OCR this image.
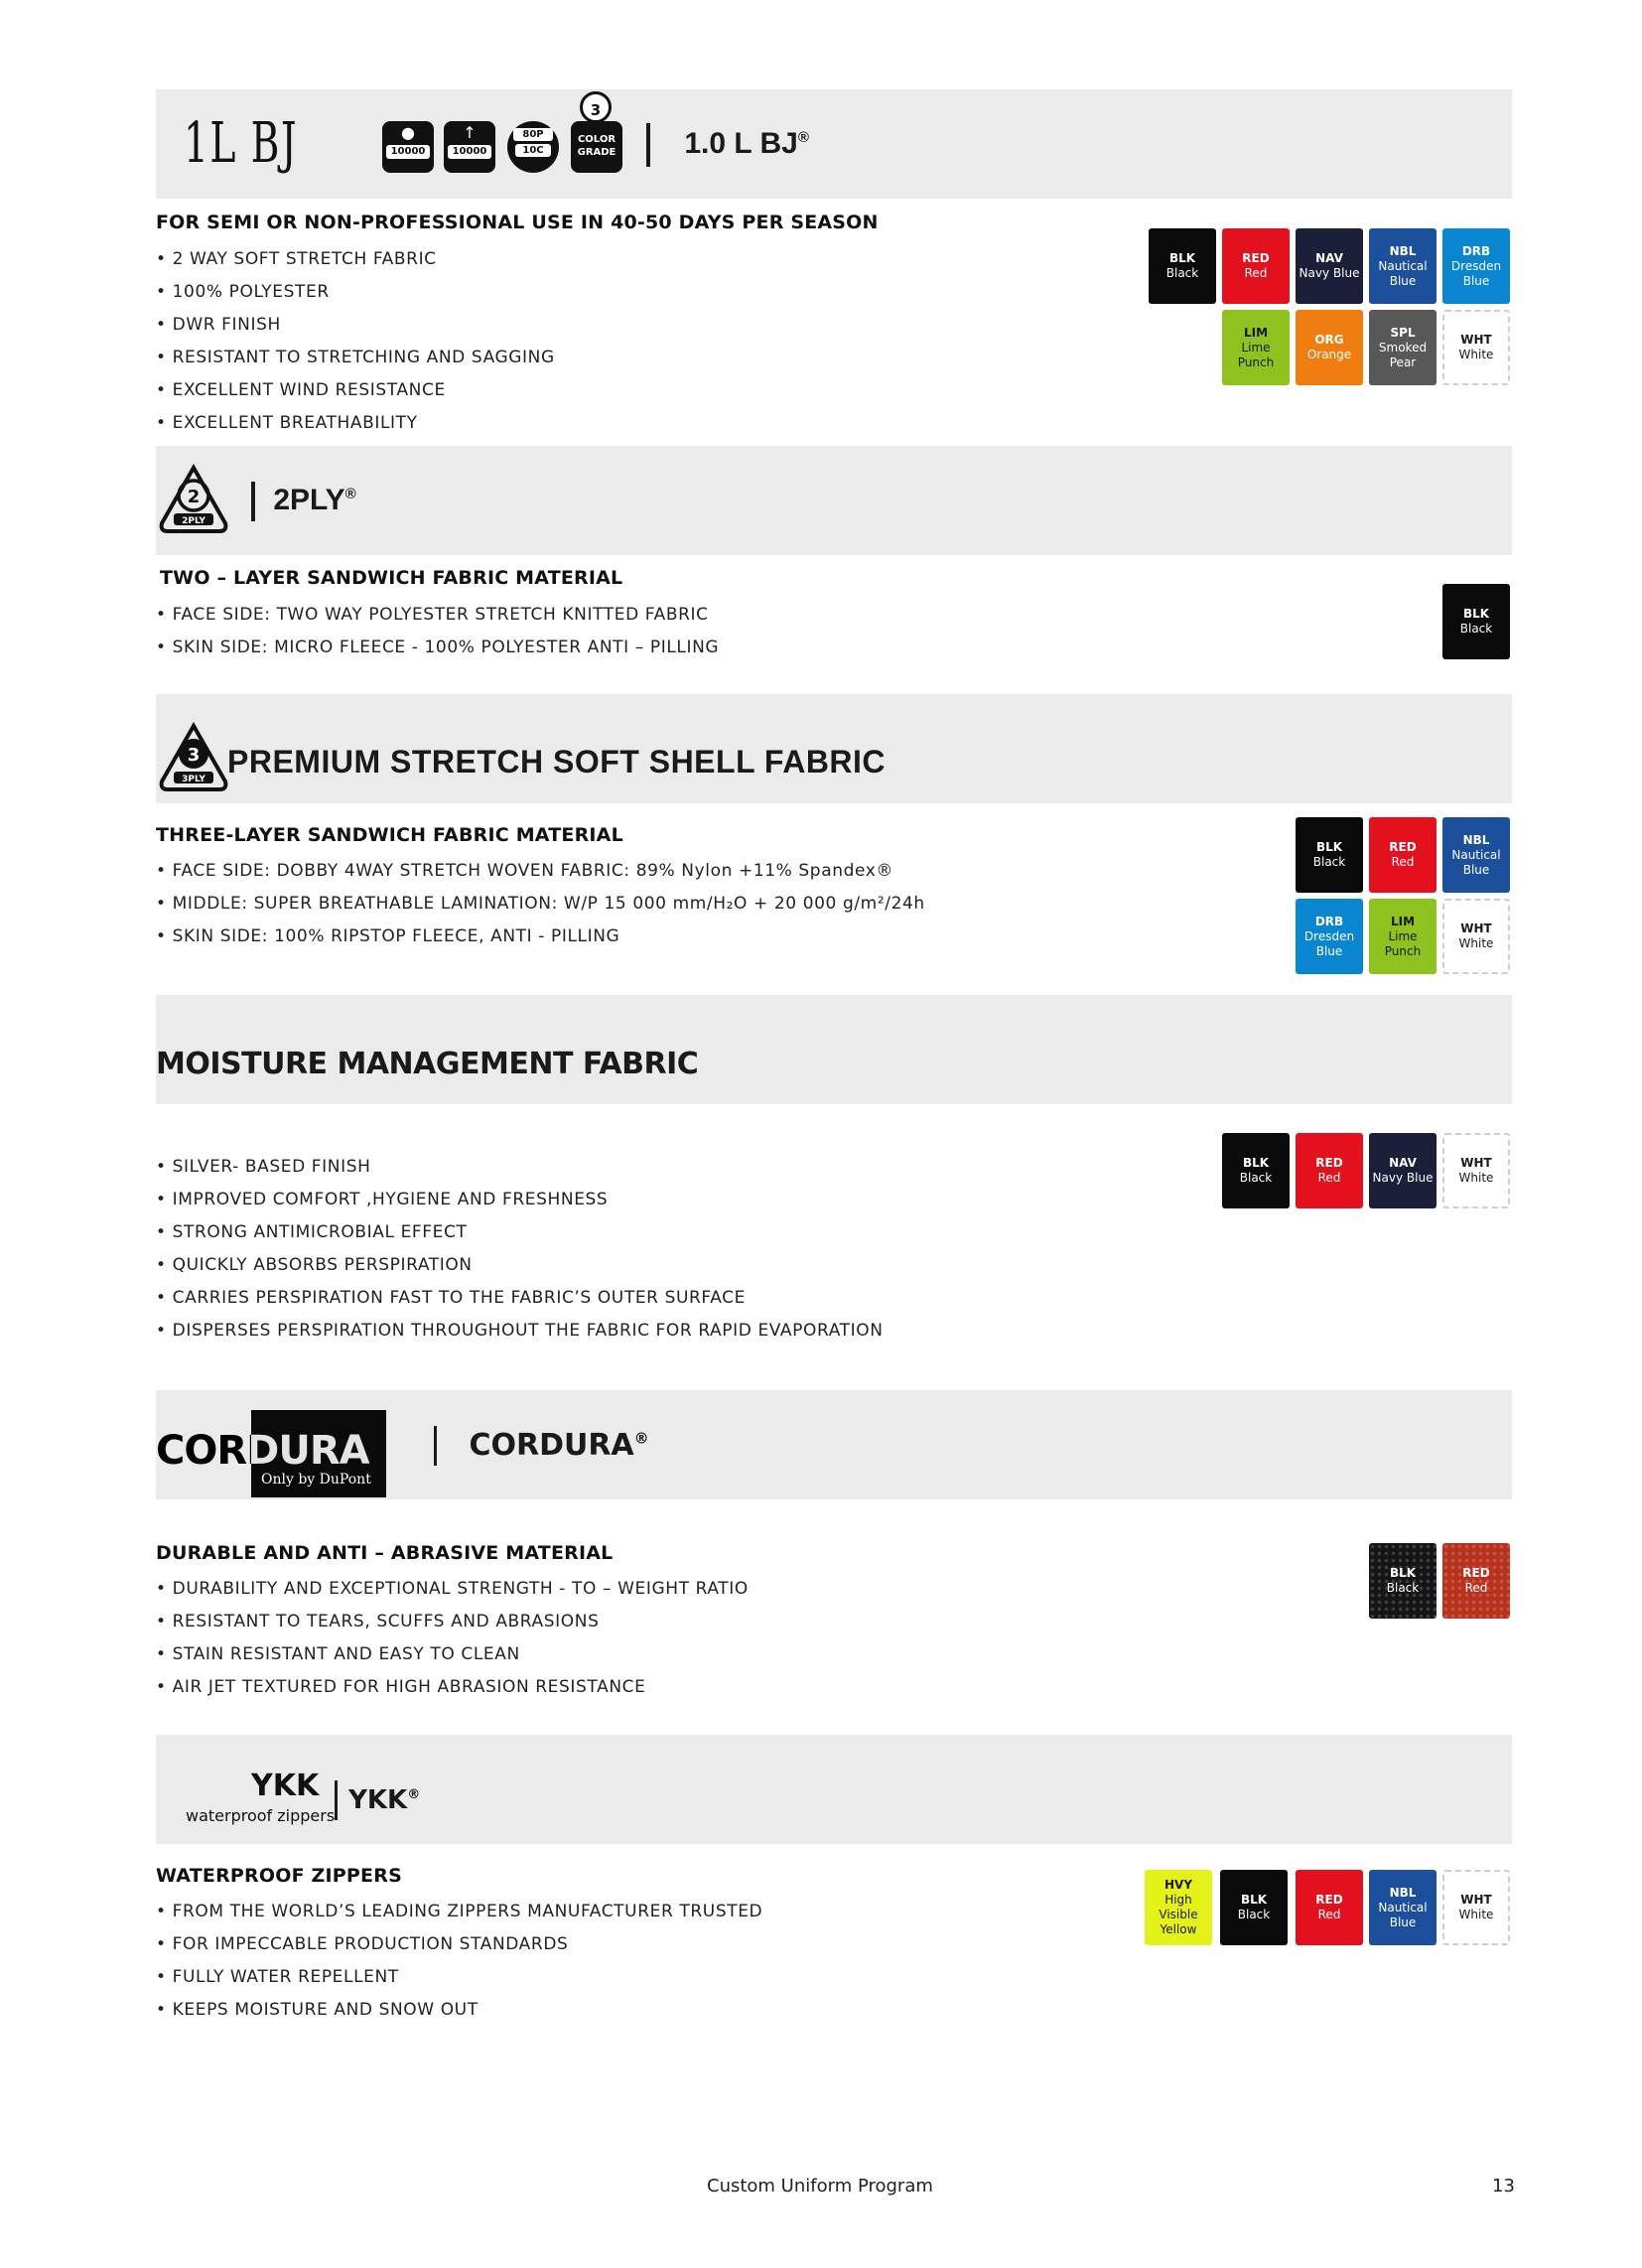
1L BJ	●
10000
↑
10000
80P
10C
3
COLOR
GRADE	1.0 L BJ®
FOR SEMI OR NON-PROFESSIONAL USE IN 40-50 DAYS PER SEASON
• 2 WAY SOFT STRETCH FABRIC
• 100% POLYESTER
• DWR FINISH
• RESISTANT TO STRETCHING AND SAGGING
• EXCELLENT WIND RESISTANCE
• EXCELLENT BREATHABILITY
2
2PLY
2PLY®
TWO – LAYER SANDWICH FABRIC MATERIAL
• FACE SIDE: TWO WAY POLYESTER STRETCH KNITTED FABRIC
• SKIN SIDE: MICRO FLEECE - 100% POLYESTER ANTI – PILLING
3
3PLY PREMIUM STRETCH SOFT SHELL FABRIC
THREE-LAYER SANDWICH FABRIC MATERIAL
• FACE SIDE: DOBBY 4WAY STRETCH WOVEN FABRIC: 89% Nylon +11% Spandex®
• MIDDLE: SUPER BREATHABLE LAMINATION: W/P 15 000 mm/H₂O + 20 000 g/m²/24h
• SKIN SIDE: 100% RIPSTOP FLEECE, ANTI - PILLING
MOISTURE MANAGEMENT FABRIC
• SILVER- BASED FINISH
• IMPROVED COMFORT ,HYGIENE AND FRESHNESS
• STRONG ANTIMICROBIAL EFFECT
• QUICKLY ABSORBS PERSPIRATION
• CARRIES PERSPIRATION FAST TO THE FABRIC’S OUTER SURFACE
• DISPERSES PERSPIRATION THROUGHOUT THE FABRIC FOR RAPID EVAPORATION
CORDURA
Only by DuPont
CORDURA®
DURABLE AND ANTI – ABRASIVE MATERIAL
• DURABILITY AND EXCEPTIONAL STRENGTH - TO – WEIGHT RATIO
• RESISTANT TO TEARS, SCUFFS AND ABRASIONS
• STAIN RESISTANT AND EASY TO CLEAN
• AIR JET TEXTURED FOR HIGH ABRASION RESISTANCE
YKK
waterproof zippers
YKK®
WATERPROOF ZIPPERS
• FROM THE WORLD’S LEADING ZIPPERS MANUFACTURER TRUSTED
• FOR IMPECCABLE PRODUCTION STANDARDS
• FULLY WATER REPELLENT
• KEEPS MOISTURE AND SNOW OUT
Custom Uniform Program	13
BLK
Black
RED
Red
NAV
Navy Blue
NBL
Nautical Blue
DRB
Dresden Blue
LIM
Lime Punch
ORG
Orange
SPL
Smoked Pear
WHT
White
BLK
Black
BLK
Black
RED
Red
NBL
Nautical Blue
DRB
Dresden Blue
LIM
Lime Punch
WHT
White
BLK
Black
RED
Red
NAV
Navy Blue
WHT
White
BLK
Black
RED
Red
HVY
High Visible Yellow
BLK
Black
RED
Red
NBL
Nautical Blue
WHT
White
